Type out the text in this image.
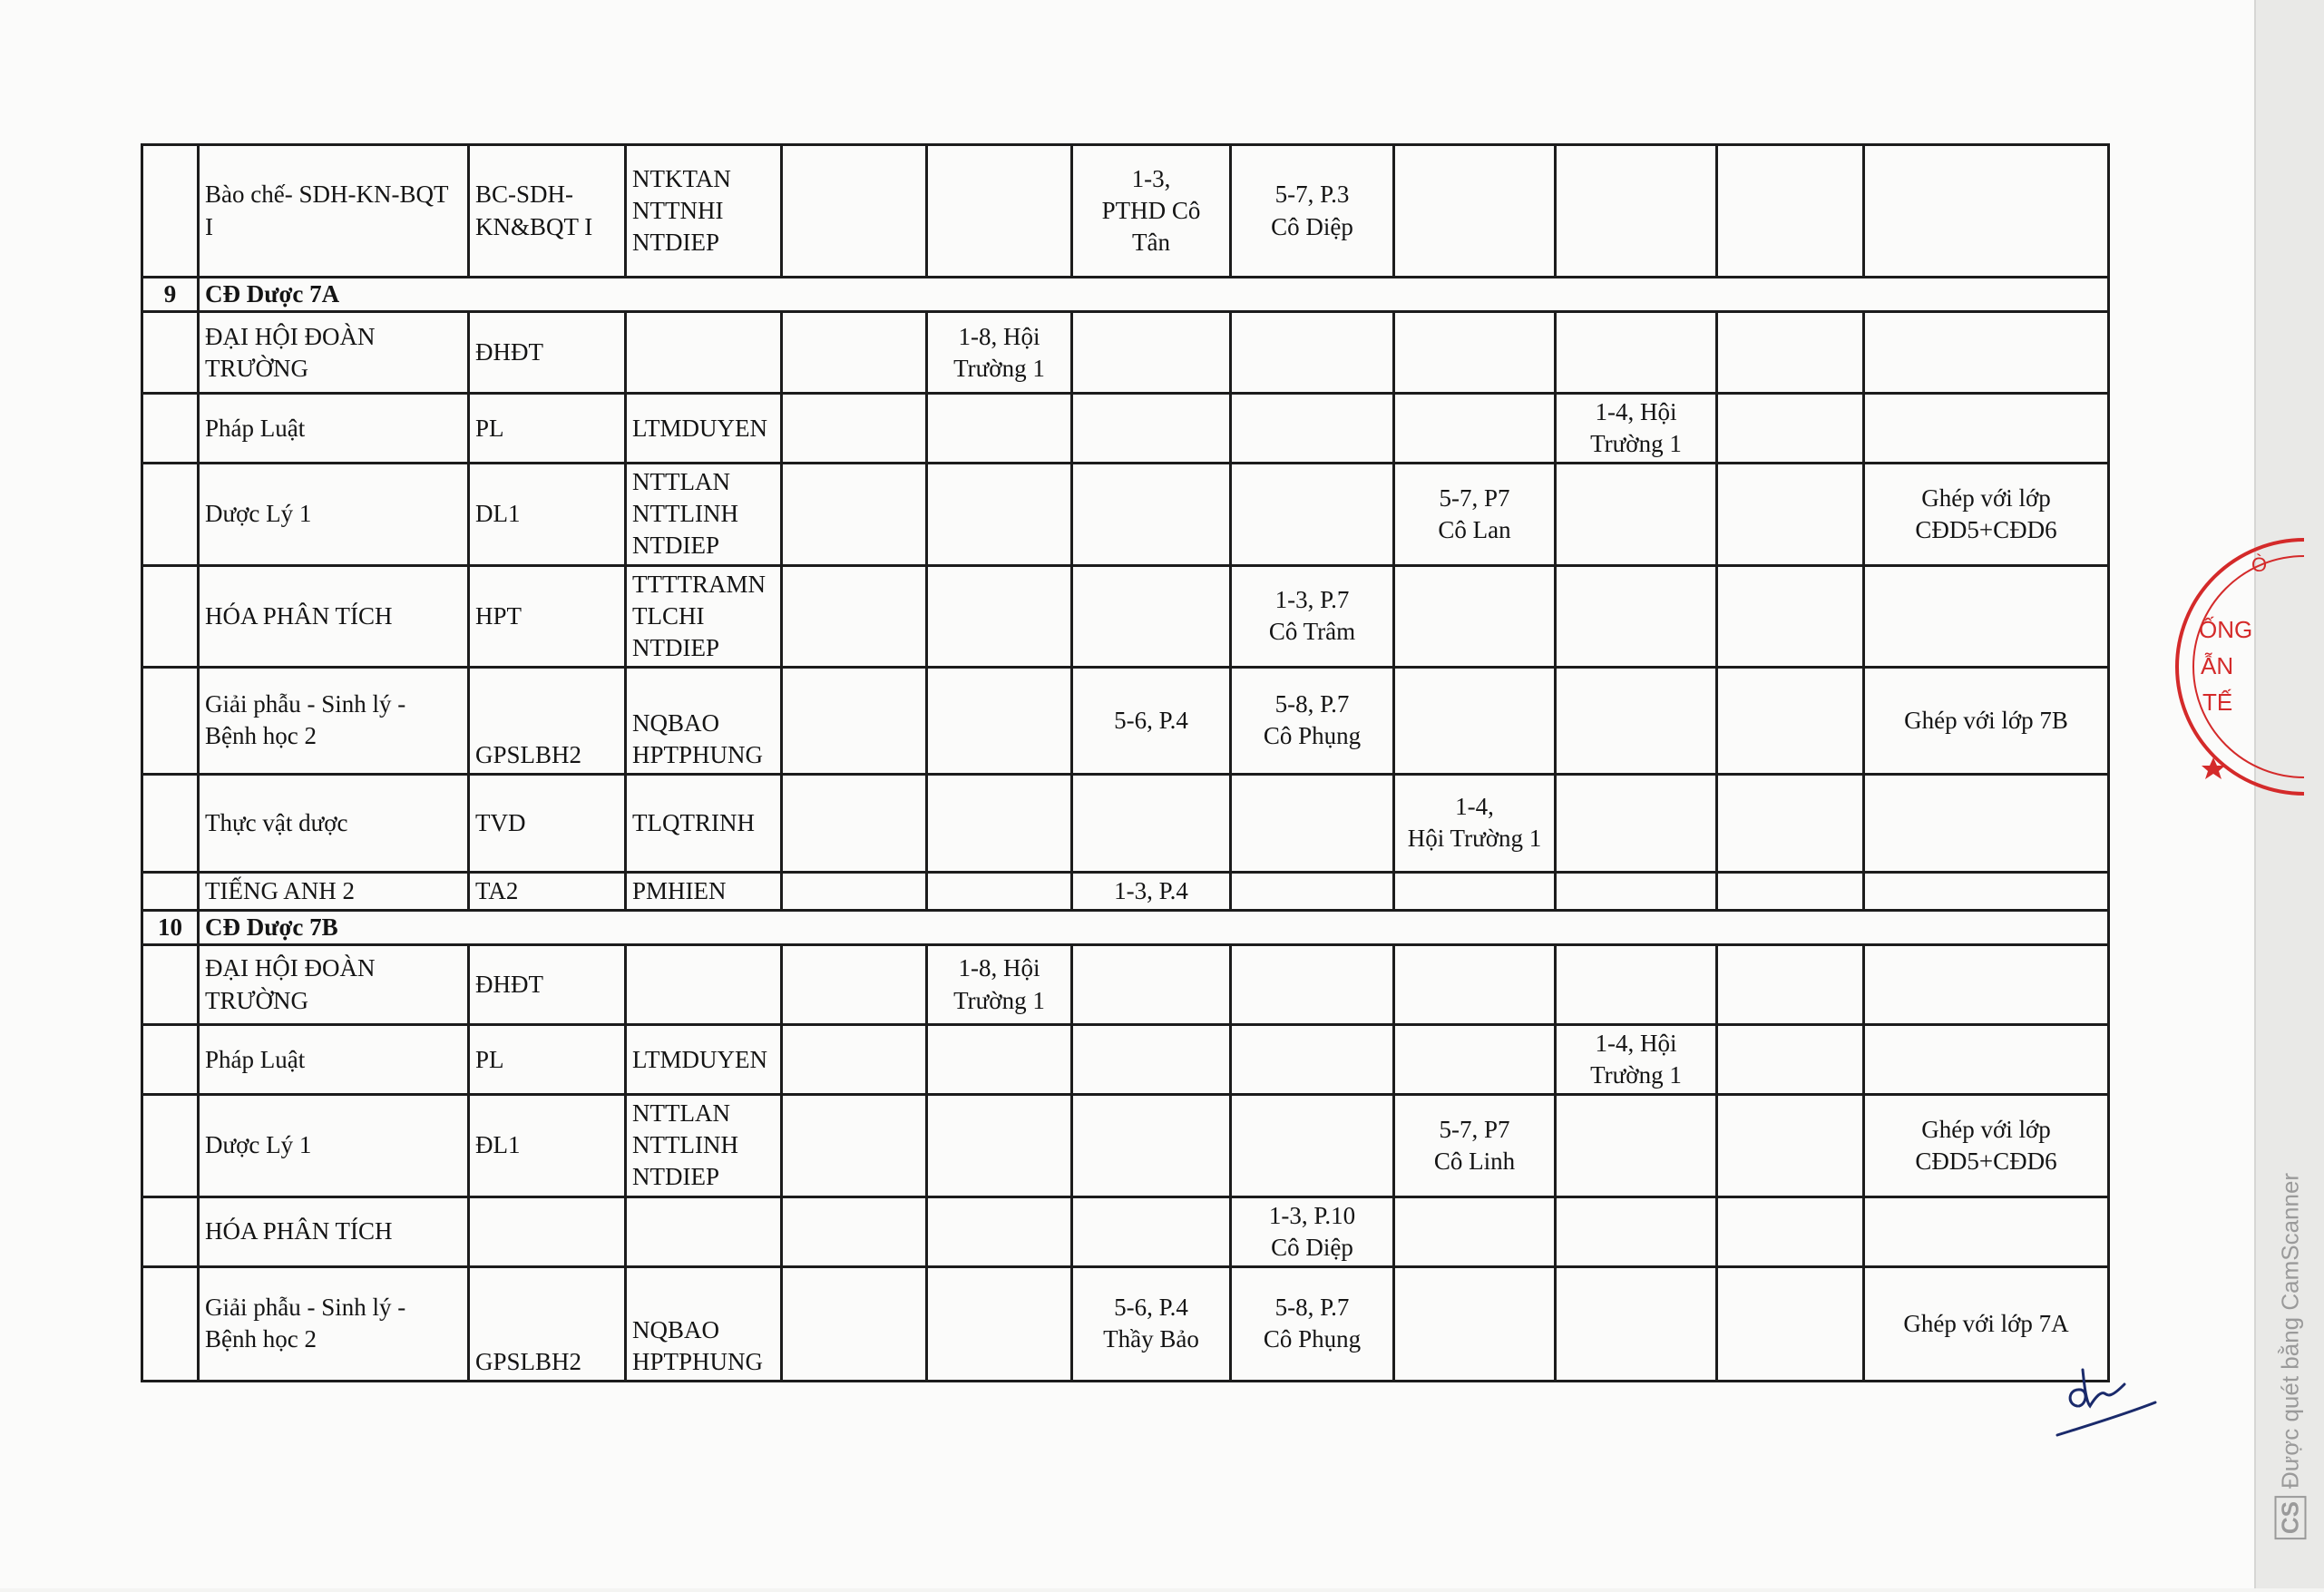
	Bào chế- SDH-KN-BQT I	BC-SDH-KN&BQT I	NTKTAN
NTTNHI
NTDIEP			1-3,
PTHD Cô
Tân	5-7, P.3
Cô Diệp				
9	CĐ Dược 7A										
	ĐẠI HỘI ĐOÀN
TRƯỜNG	ĐHĐT			1-8, Hội
Trường 1						
	Pháp Luật	PL	LTMDUYEN						1-4, Hội
Trường 1		
	Dược Lý 1	DL1	NTTLAN
NTTLINH
NTDIEP					5-7, P7
Cô Lan			Ghép với lớp
CĐD5+CĐD6
	HÓA PHÂN TÍCH	HPT	TTTTRAMN
TLCHI
NTDIEP				1-3, P.7
Cô Trâm				
	Giải phẫu - Sinh lý -
Bệnh học 2	GPSLBH2	NQBAO
HPTPHUNG			5-6, P.4	5-8, P.7
Cô Phụng				Ghép với lớp 7B
	Thực vật dược	TVD	TLQTRINH					1-4,
Hội Trường 1			
	TIẾNG ANH 2	TA2	PMHIEN			1-3, P.4					
10	CĐ Dược 7B										
	ĐẠI HỘI ĐOÀN
TRƯỜNG	ĐHĐT			1-8, Hội
Trường 1						
	Pháp Luật	PL	LTMDUYEN						1-4, Hội
Trường 1		
	Dược Lý 1	ĐL1	NTTLAN
NTTLINH
NTDIEP					5-7, P7
Cô Linh			Ghép với lớp
CĐD5+CĐD6
	HÓA PHÂN TÍCH						1-3, P.10
Cô Diệp				
	Giải phẫu - Sinh lý -
Bệnh học 2	GPSLBH2	NQBAO
HPTPHUNG			5-6, P.4
Thầy Bảo	5-8, P.7
Cô Phụng				Ghép với lớp 7A
Ò
ỐNG
ẪN
TẾ
CSĐược quét bằng CamScanner
